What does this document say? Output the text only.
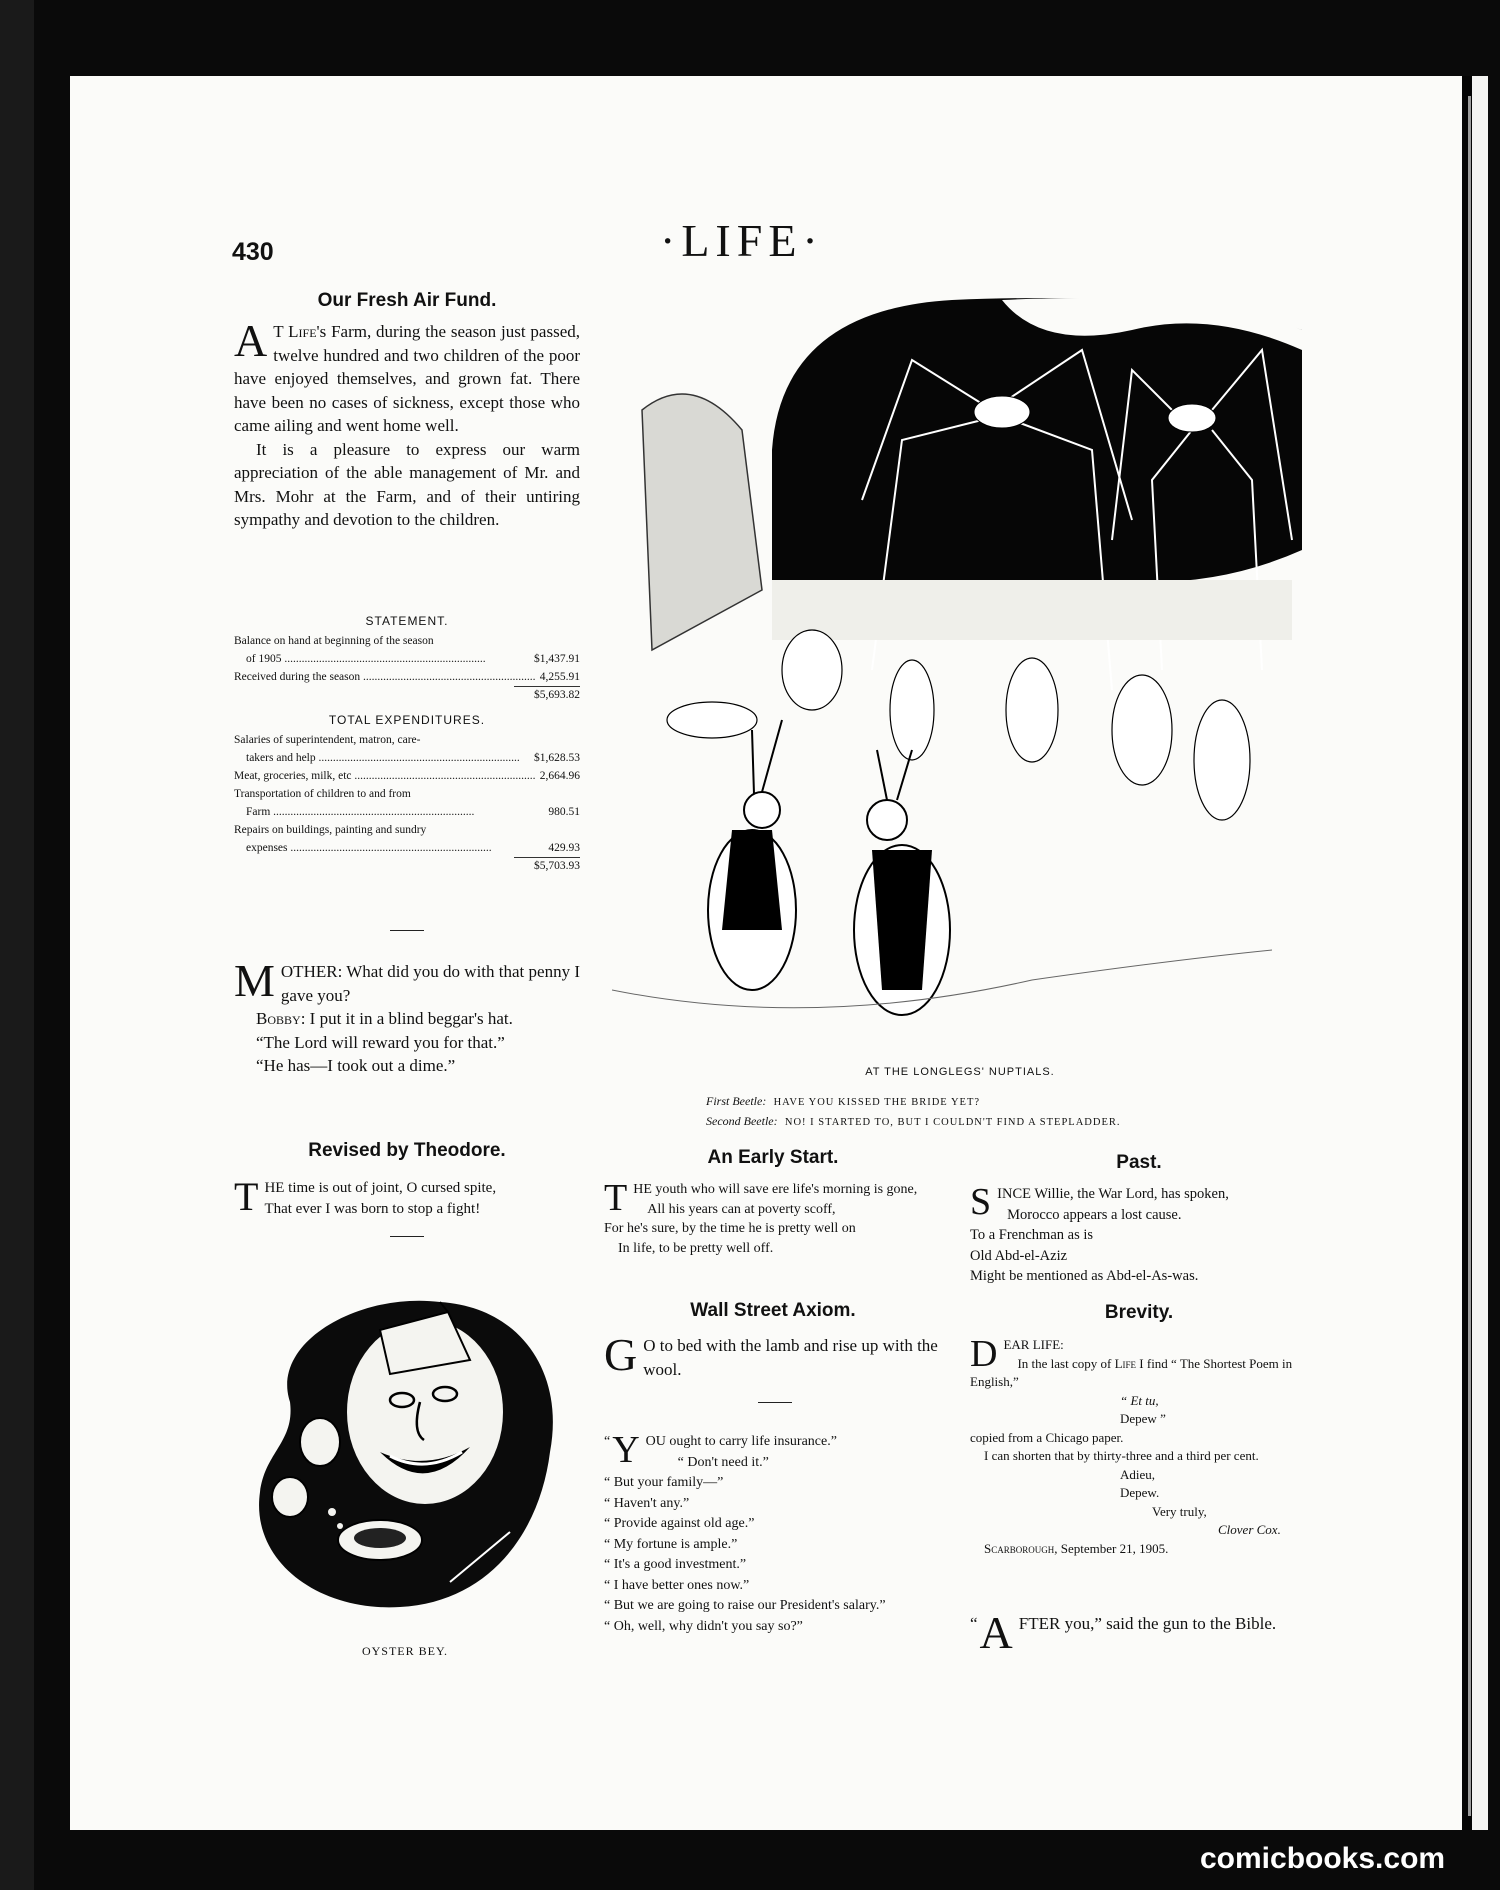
430	·LIFE·
Our Fresh Air Fund.
A T Life's Farm, during the season just passed, twelve hundred and two children of the poor have enjoyed themselves, and grown fat. There have been no cases of sickness, except those who came ailing and went home well.

It is a pleasure to express our warm appreciation of the able management of Mr. and Mrs. Mohr at the Farm, and of their untiring sympathy and devotion to the children.

STATEMENT.
Balance on hand at beginning of the season
of 1905 .....	$1,437.91
Received during the season .....	4,255.91
$5,693.82
TOTAL EXPENDITURES.
Salaries of superintendent, matron, care-
takers and help .....	$1,628.53
Meat, groceries, milk, etc .....	2,664.96
Transportation of children to and from
Farm .....	980.51
Repairs on buildings, painting and sundry
expenses .....	429.93
$5,703.93
M OTHER: What did you do with that penny I gave you?

Bobby: I put it in a blind beggar's hat.

“The Lord will reward you for that.”

“He has—I took out a dime.”

Revised by Theodore.
T HE time is out of joint, O cursed spite,
That ever I was born to stop a fight!
OYSTER BEY.
AT THE LONGLEGS' NUPTIALS.
First Beetle: HAVE YOU KISSED THE BRIDE YET?
Second Beetle: NO! I STARTED TO, BUT I COULDN'T FIND A STEPLADDER.
An Early Start.
T HE youth who will save ere life's morning is gone,
All his years can at poverty scoff,
For he's sure, by the time he is pretty well on
In life, to be pretty well off.
Wall Street Axiom.
G O to bed with the lamb and rise up with the wool.
“ Y OU ought to carry life insurance.”
“ Don't need it.”
“ But your family—”
“ Haven't any.”
“ Provide against old age.”
“ My fortune is ample.”
“ It's a good investment.”
“ I have better ones now.”
“ But we are going to raise our President's salary.”
“ Oh, well, why didn't you say so?”
Past.
S INCE Willie, the War Lord, has spoken,
Morocco appears a lost cause.
To a Frenchman as is
Old Abd-el-Aziz
Might be mentioned as Abd-el-As-was.
Brevity.
D EAR LIFE:
In the last copy of Life I find “ The Shortest Poem in English,”

“ Et tu,
Depew ”
copied from a Chicago paper.
I can shorten that by thirty-three and a third per cent.

Adieu,
Depew.
Very truly,
Clover Cox.
Scarborough, September 21, 1905.
“ A FTER you,” said the gun to the Bible.
comicbooks.com
